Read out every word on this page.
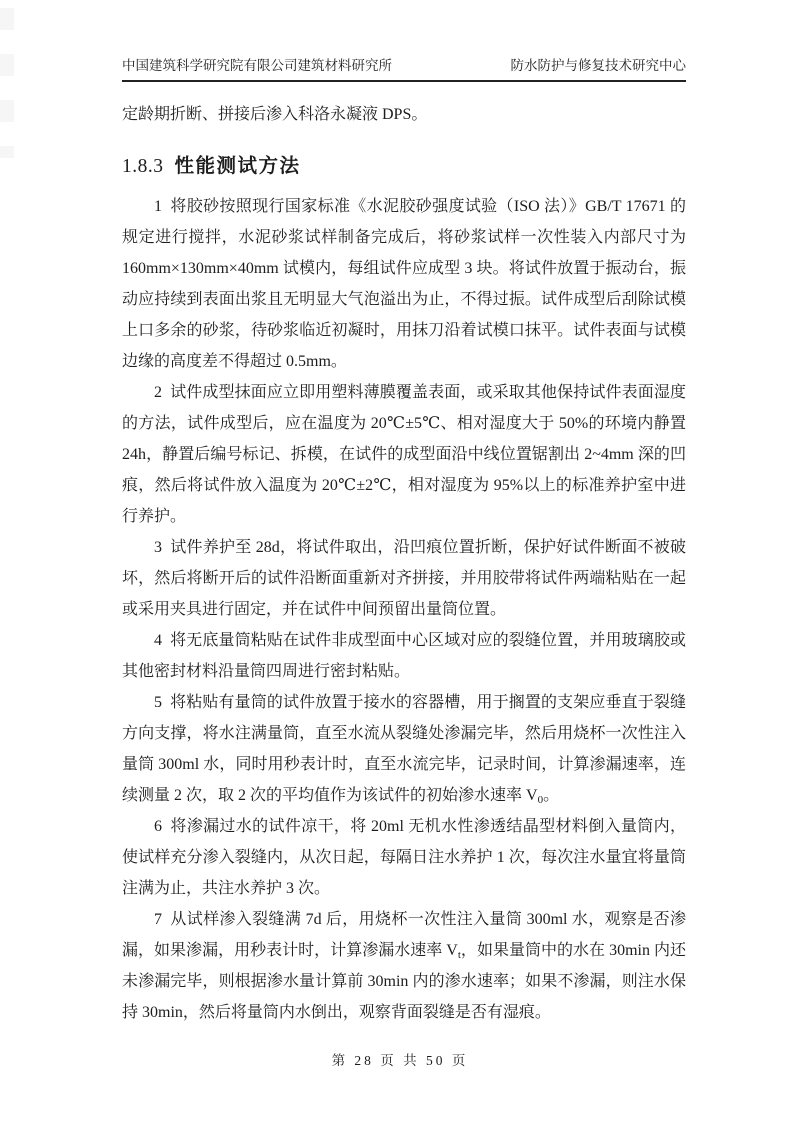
中国建筑科学研究院有限公司建筑材料研究所	防水防护与修复技术研究中心

定龄期折断、拼接后渗入科洛永凝液 DPS。

1.8.3 性能测试方法

1 将胶砂按照现行国家标准《水泥胶砂强度试验（ISO 法）》GB/T 17671 的规定进行搅拌，水泥砂浆试样制备完成后，将砂浆试样一次性装入内部尺寸为 160mm×130mm×40mm 试模内，每组试件应成型 3 块。将试件放置于振动台，振动应持续到表面出浆且无明显大气泡溢出为止，不得过振。试件成型后刮除试模上口多余的砂浆，待砂浆临近初凝时，用抹刀沿着试模口抹平。试件表面与试模边缘的高度差不得超过 0.5mm。

2 试件成型抹面应立即用塑料薄膜覆盖表面，或采取其他保持试件表面湿度的方法，试件成型后，应在温度为 20℃±5℃、相对湿度大于 50%的环境内静置 24h，静置后编号标记、拆模，在试件的成型面沿中线位置锯割出 2~4mm 深的凹痕，然后将试件放入温度为 20℃±2℃，相对湿度为 95%以上的标准养护室中进行养护。

3 试件养护至 28d，将试件取出，沿凹痕位置折断，保护好试件断面不被破坏，然后将断开后的试件沿断面重新对齐拼接，并用胶带将试件两端粘贴在一起或采用夹具进行固定，并在试件中间预留出量筒位置。

4 将无底量筒粘贴在试件非成型面中心区域对应的裂缝位置，并用玻璃胶或其他密封材料沿量筒四周进行密封粘贴。

5 将粘贴有量筒的试件放置于接水的容器槽，用于搁置的支架应垂直于裂缝方向支撑，将水注满量筒，直至水流从裂缝处渗漏完毕，然后用烧杯一次性注入量筒 300ml 水，同时用秒表计时，直至水流完毕，记录时间，计算渗漏速率，连续测量 2 次，取 2 次的平均值作为该试件的初始渗水速率 $V_0$。

6 将渗漏过水的试件凉干，将 20ml 无机水性渗透结晶型材料倒入量筒内，使试样充分渗入裂缝内，从次日起，每隔日注水养护 1 次，每次注水量宜将量筒注满为止，共注水养护 3 次。

7 从试样渗入裂缝满 7d 后，用烧杯一次性注入量筒 300ml 水，观察是否渗漏，如果渗漏，用秒表计时，计算渗漏水速率 $V_t$，如果量筒中的水在 30min 内还未渗漏完毕，则根据渗水量计算前 30min 内的渗水速率；如果不渗漏，则注水保持 30min，然后将量筒内水倒出，观察背面裂缝是否有湿痕。

第 28 页 共 50 页
